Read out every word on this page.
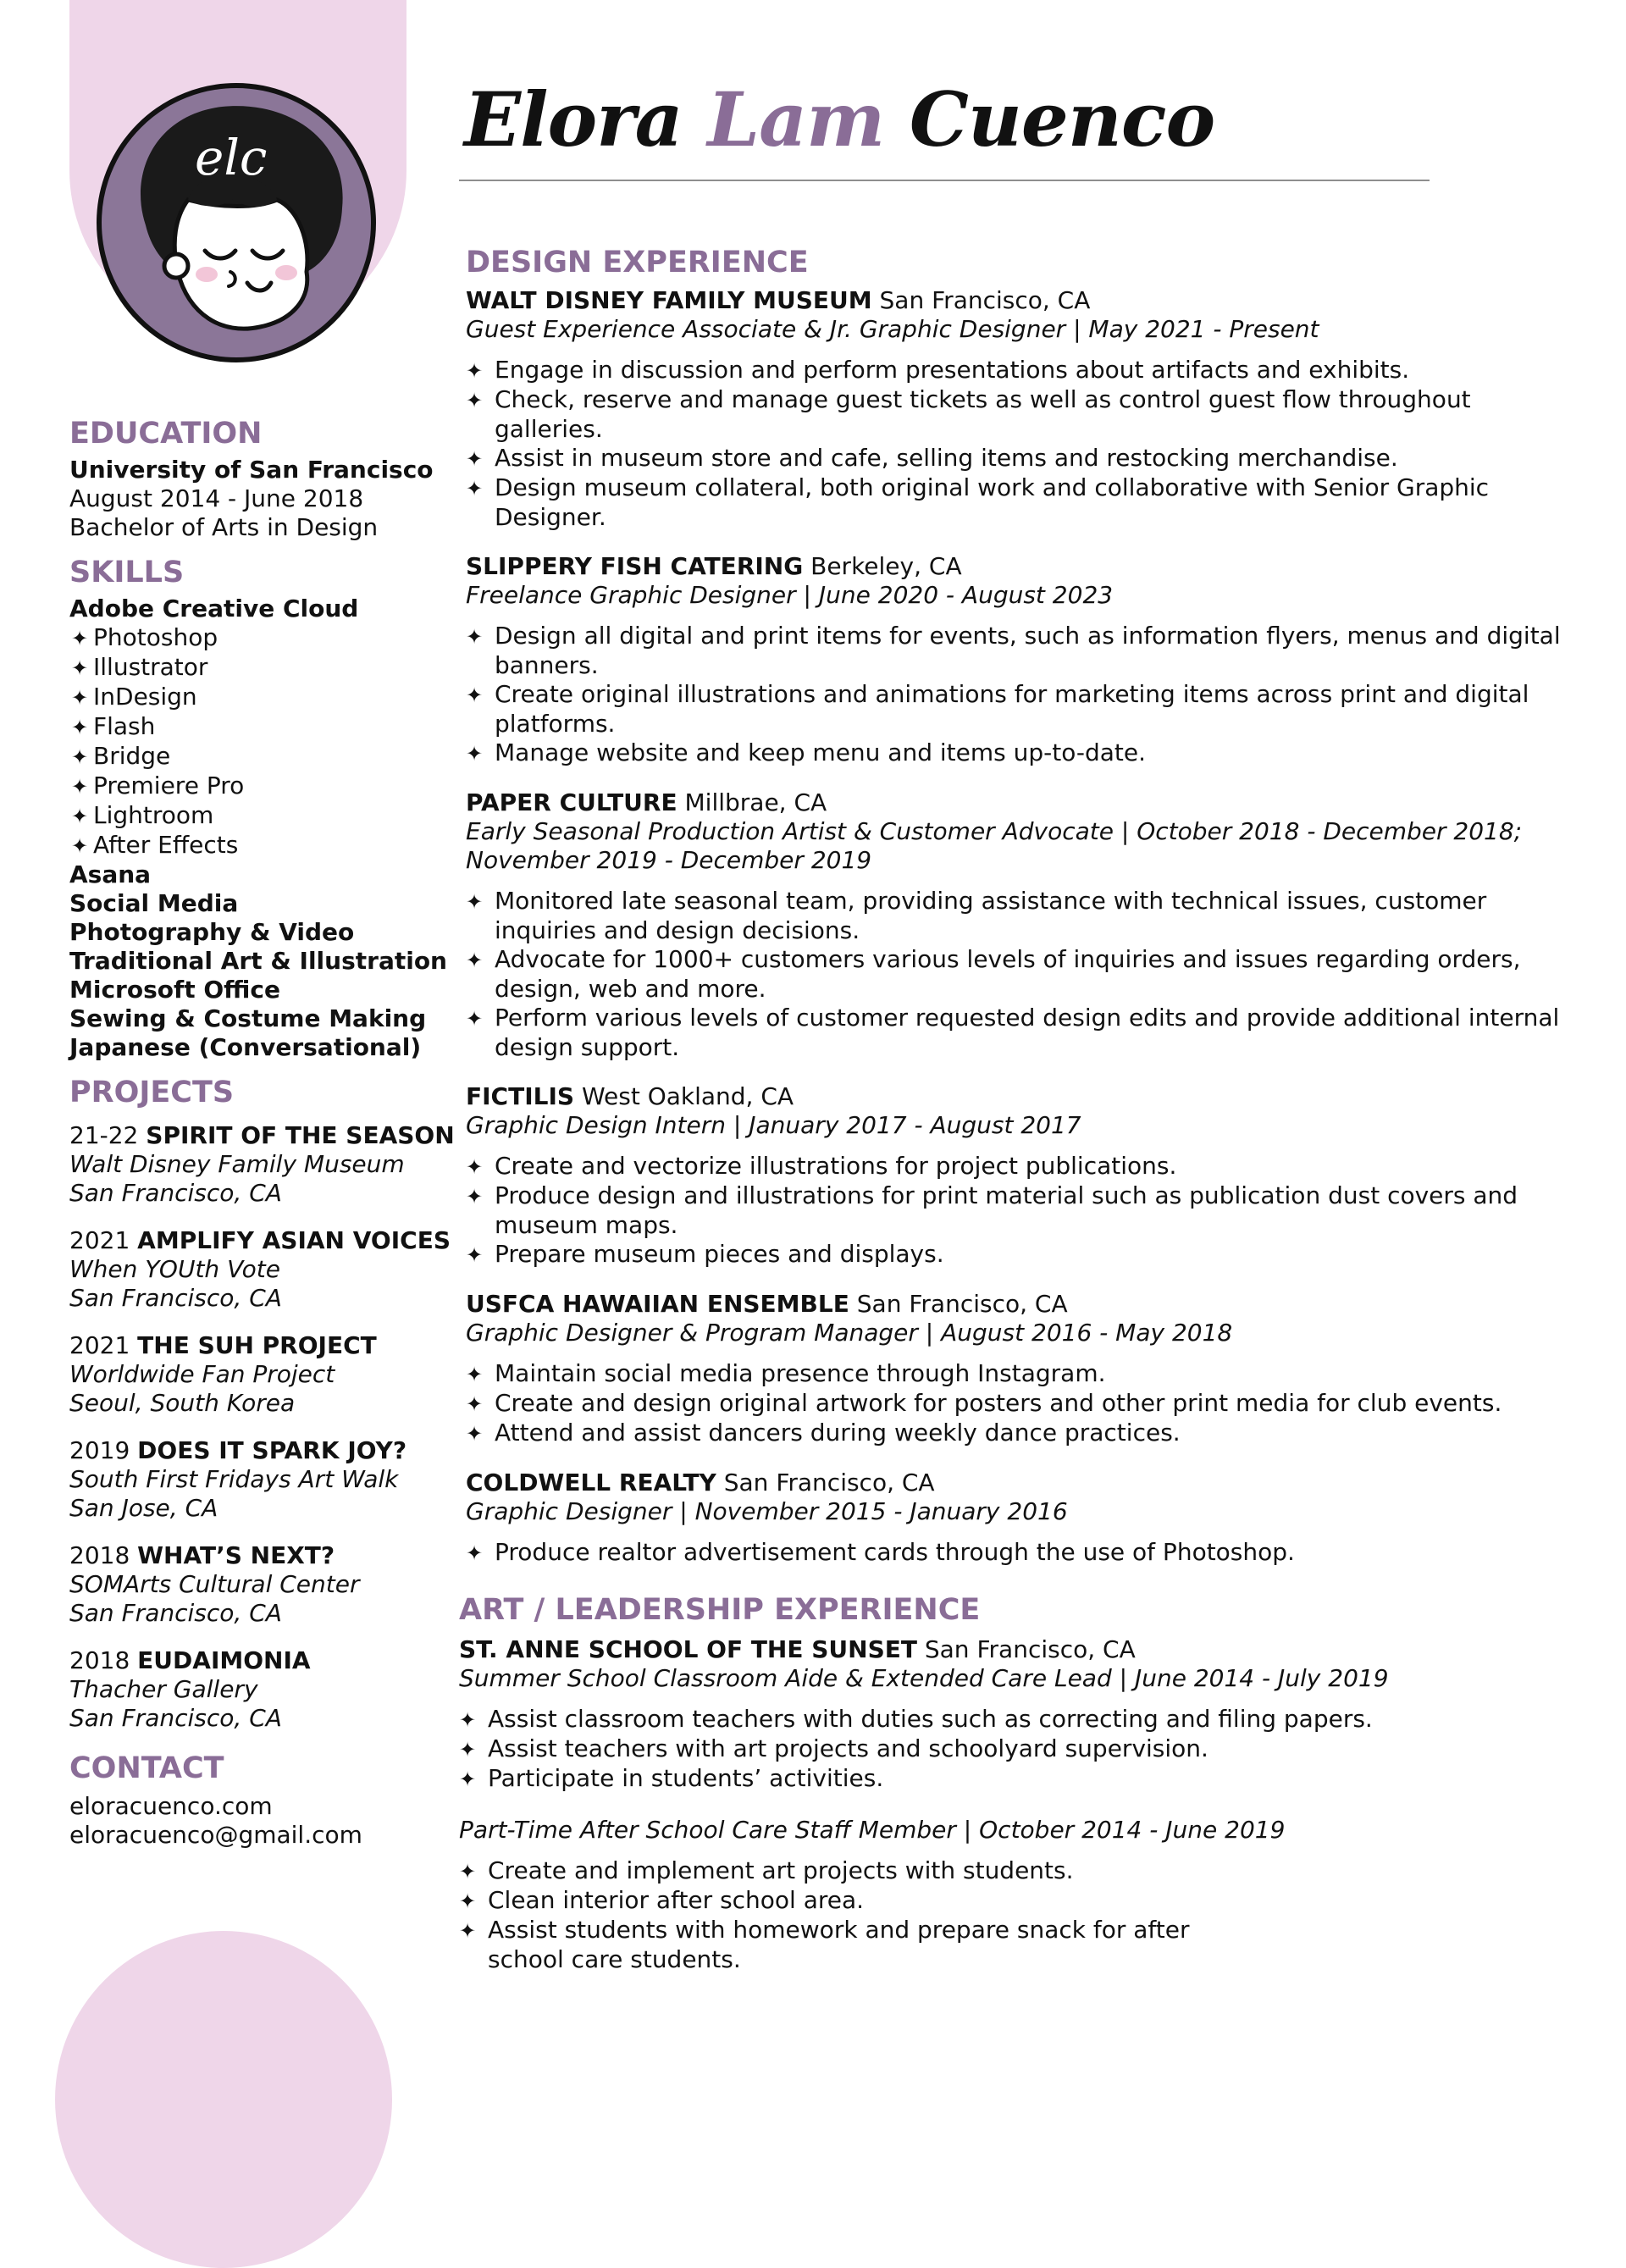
elc
EDUCATION
University of San Francisco
August 2014 - June 2018
Bachelor of Arts in Design
SKILLS
Adobe Creative Cloud
✦ Photoshop
✦ Illustrator
✦ InDesign
✦ Flash
✦ Bridge
✦ Premiere Pro
✦ Lightroom
✦ After Effects
Asana
Social Media
Photography & Video
Traditional Art & Illustration
Microsoft Office
Sewing & Costume Making
Japanese (Conversational)
PROJECTS
21-22 SPIRIT OF THE SEASON
Walt Disney Family Museum
San Francisco, CA
2021 AMPLIFY ASIAN VOICES
When YOUth Vote
San Francisco, CA
2021 THE SUH PROJECT
Worldwide Fan Project
Seoul, South Korea
2019 DOES IT SPARK JOY?
South First Fridays Art Walk
San Jose, CA
2018 WHAT’S NEXT?
SOMArts Cultural Center
San Francisco, CA
2018 EUDAIMONIA
Thacher Gallery
San Francisco, CA
CONTACT
eloracuenco.com
eloracuenco@gmail.com
Elora Lam Cuenco
DESIGN EXPERIENCE
WALT DISNEY FAMILY MUSEUM San Francisco, CA
Guest Experience Associate & Jr. Graphic Designer | May 2021 - Present
✦ Engage in discussion and perform presentations about artifacts and exhibits.
✦ Check, reserve and manage guest tickets as well as control guest flow throughout galleries.
✦ Assist in museum store and cafe, selling items and restocking merchandise.
✦ Design museum collateral, both original work and collaborative with Senior Graphic Designer.
SLIPPERY FISH CATERING Berkeley, CA
Freelance Graphic Designer | June 2020 - August 2023
✦ Design all digital and print items for events, such as information flyers, menus and digital banners.
✦ Create original illustrations and animations for marketing items across print and digital platforms.
✦ Manage website and keep menu and items up-to-date.
PAPER CULTURE Millbrae, CA
Early Seasonal Production Artist & Customer Advocate | October 2018 - December 2018;
November 2019 - December 2019
✦ Monitored late seasonal team, providing assistance with technical issues, customer inquiries and design decisions.
✦ Advocate for 1000+ customers various levels of inquiries and issues regarding orders, design, web and more.
✦ Perform various levels of customer requested design edits and provide additional internal design support.
FICTILIS West Oakland, CA
Graphic Design Intern | January 2017 - August 2017
✦ Create and vectorize illustrations for project publications.
✦ Produce design and illustrations for print material such as publication dust covers and museum maps.
✦ Prepare museum pieces and displays.
USFCA HAWAIIAN ENSEMBLE San Francisco, CA
Graphic Designer & Program Manager | August 2016 - May 2018
✦ Maintain social media presence through Instagram.
✦ Create and design original artwork for posters and other print media for club events.
✦ Attend and assist dancers during weekly dance practices.
COLDWELL REALTY San Francisco, CA
Graphic Designer | November 2015 - January 2016
✦ Produce realtor advertisement cards through the use of Photoshop.
ART / LEADERSHIP EXPERIENCE
ST. ANNE SCHOOL OF THE SUNSET San Francisco, CA
Summer School Classroom Aide & Extended Care Lead | June 2014 - July 2019
✦ Assist classroom teachers with duties such as correcting and filing papers.
✦ Assist teachers with art projects and schoolyard supervision.
✦ Participate in students’ activities.
Part-Time After School Care Staff Member | October 2014 - June 2019
✦ Create and implement art projects with students.
✦ Clean interior after school area.
✦ Assist students with homework and prepare snack for after school care students.
